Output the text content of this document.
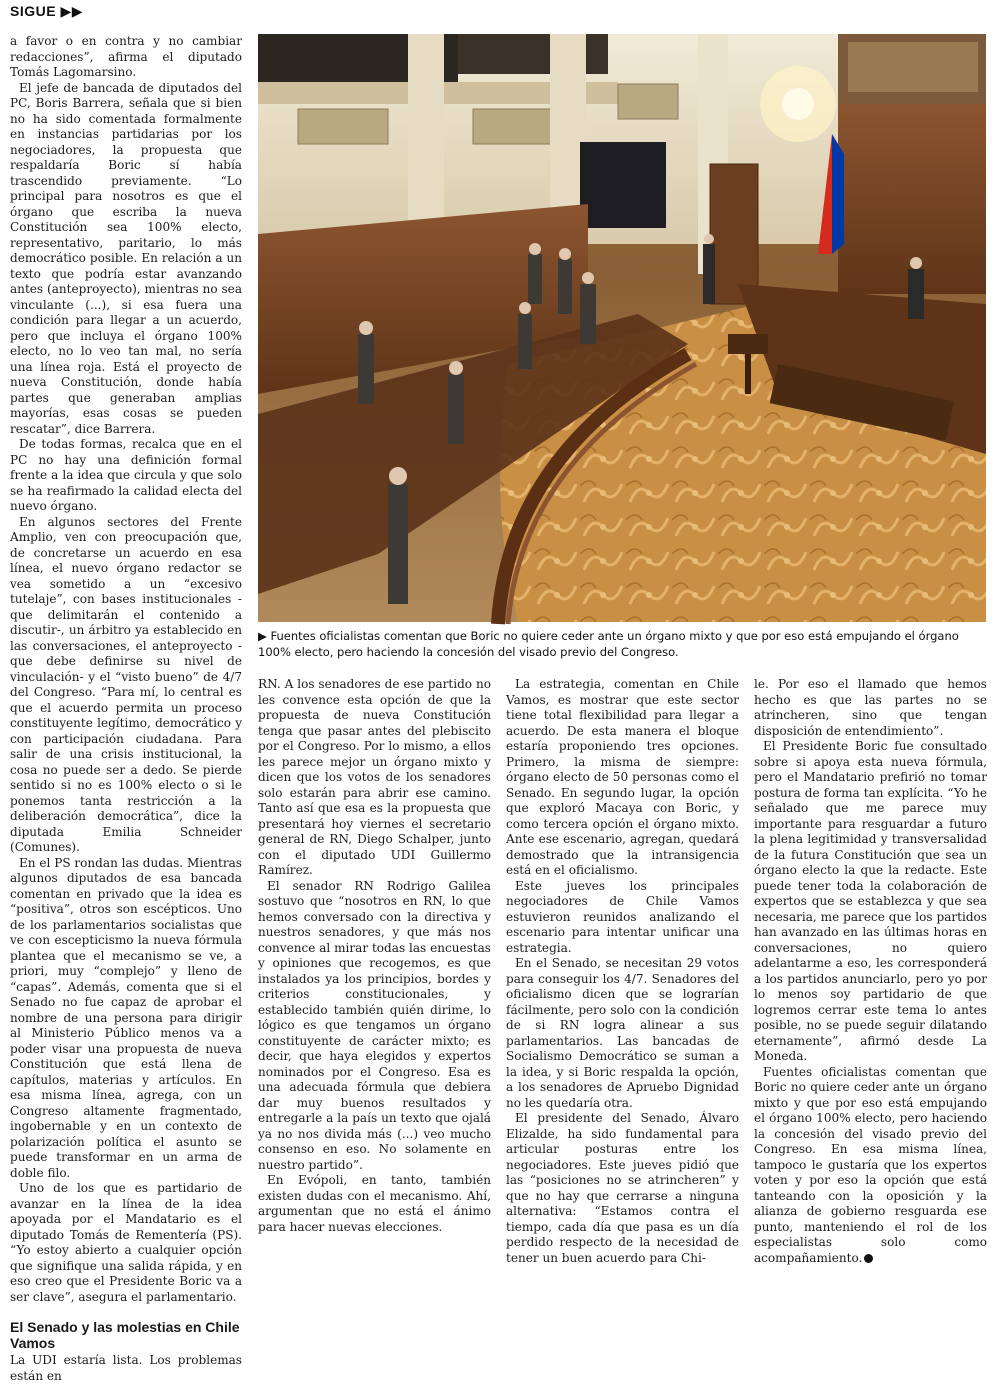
SIGUE ▶▶

a favor o en contra y no cambiar redacciones”, afirma el diputado Tomás Lagomarsino.

El jefe de bancada de diputados del PC, Boris Barrera, señala que si bien no ha sido comentada formalmente en instancias partidarias por los negociadores, la propuesta que respaldaría Boric sí había trascendido previamente. “Lo principal para nosotros es que el órgano que escriba la nueva Constitución sea 100% electo, representativo, paritario, lo más democrático posible. En relación a un texto que podría estar avanzando antes (anteproyecto), mientras no sea vinculante (...), si esa fuera una condición para llegar a un acuerdo, pero que incluya el órgano 100% electo, no lo veo tan mal, no sería una línea roja. Está el proyecto de nueva Constitución, donde había partes que generaban amplias mayorías, esas cosas se pueden rescatar”, dice Barrera.

De todas formas, recalca que en el PC no hay una definición formal frente a la idea que circula y que solo se ha reafirmado la calidad electa del nuevo órgano.

En algunos sectores del Frente Amplio, ven con preocupación que, de concretarse un acuerdo en esa línea, el nuevo órgano redactor se vea sometido a un “excesivo tutelaje”, con bases institucionales -que delimitarán el contenido a discutir-, un árbitro ya establecido en las conversaciones, el anteproyecto -que debe definirse su nivel de vinculación- y el “visto bueno” de 4/7 del Congreso. “Para mí, lo central es que el acuerdo permita un proceso constituyente legítimo, democrático y con participación ciudadana. Para salir de una crisis institucional, la cosa no puede ser a dedo. Se pierde sentido si no es 100% electo o si le ponemos tanta restricción a la deliberación democrática”, dice la diputada Emilia Schneider (Comunes).

En el PS rondan las dudas. Mientras algunos diputados de esa bancada comentan en privado que la idea es “positiva”, otros son escépticos. Uno de los parlamentarios socialistas que ve con escepticismo la nueva fórmula plantea que el mecanismo se ve, a priori, muy “complejo” y lleno de “capas”. Además, comenta que si el Senado no fue capaz de aprobar el nombre de una persona para dirigir al Ministerio Público menos va a poder visar una propuesta de nueva Constitución que está llena de capítulos, materias y artículos. En esa misma línea, agrega, con un Congreso altamente fragmentado, ingobernable y en un contexto de polarización política el asunto se puede transformar en un arma de doble filo.

Uno de los que es partidario de avanzar en la línea de la idea apoyada por el Mandatario es el diputado Tomás de Rementería (PS). “Yo estoy abierto a cualquier opción que signifique una salida rápida, y en eso creo que el Presidente Boric va a ser clave”, asegura el parlamentario.

El Senado y las molestias en Chile Vamos

La UDI estaría lista. Los problemas están en

▶ Fuentes oficialistas comentan que Boric no quiere ceder ante un órgano mixto y que por eso está empujando el órgano 100% electo, pero haciendo la concesión del visado previo del Congreso.

RN. A los senadores de ese partido no les convence esta opción de que la propuesta de nueva Constitución tenga que pasar antes del plebiscito por el Congreso. Por lo mismo, a ellos les parece mejor un órgano mixto y dicen que los votos de los senadores solo estarán para abrir ese camino. Tanto así que esa es la propuesta que presentará hoy viernes el secretario general de RN, Diego Schalper, junto con el diputado UDI Guillermo Ramírez.

El senador RN Rodrigo Galilea sostuvo que “nosotros en RN, lo que hemos conversado con la directiva y nuestros senadores, y que más nos convence al mirar todas las encuestas y opiniones que recogemos, es que instalados ya los principios, bordes y criterios constitucionales, y establecido también quién dirime, lo lógico es que tengamos un órgano constituyente de carácter mixto; es decir, que haya elegidos y expertos nominados por el Congreso. Esa es una adecuada fórmula que debiera dar muy buenos resultados y entregarle a la país un texto que ojalá ya no nos divida más (...) veo mucho consenso en eso. No solamente en nuestro partido”.

En Evópoli, en tanto, también existen dudas con el mecanismo. Ahí, argumentan que no está el ánimo para hacer nuevas elecciones.

La estrategia, comentan en Chile Vamos, es mostrar que este sector tiene total flexibilidad para llegar a acuerdo. De esta manera el bloque estaría proponiendo tres opciones. Primero, la misma de siempre: órgano electo de 50 personas como el Senado. En segundo lugar, la opción que exploró Macaya con Boric, y como tercera opción el órgano mixto. Ante ese escenario, agregan, quedará demostrado que la intransigencia está en el oficialismo.

Este jueves los principales negociadores de Chile Vamos estuvieron reunidos analizando el escenario para intentar unificar una estrategia.

En el Senado, se necesitan 29 votos para conseguir los 4/7. Senadores del oficialismo dicen que se lograrían fácilmente, pero solo con la condición de si RN logra alinear a sus parlamentarios. Las bancadas de Socialismo Democrático se suman a la idea, y si Boric respalda la opción, a los senadores de Apruebo Dignidad no les quedaría otra.

El presidente del Senado, Álvaro Elizalde, ha sido fundamental para articular posturas entre los negociadores. Este jueves pidió que las “posiciones no se atrincheren” y que no hay que cerrarse a ninguna alternativa: “Estamos contra el tiempo, cada día que pasa es un día perdido respecto de la necesidad de tener un buen acuerdo para Chi-

le. Por eso el llamado que hemos hecho es que las partes no se atrincheren, sino que tengan disposición de entendimiento”.

El Presidente Boric fue consultado sobre si apoya esta nueva fórmula, pero el Mandatario prefirió no tomar postura de forma tan explícita. “Yo he señalado que me parece muy importante para resguardar a futuro la plena legitimidad y transversalidad de la futura Constitución que sea un órgano electo la que la redacte. Este puede tener toda la colaboración de expertos que se establezca y que sea necesaria, me parece que los partidos han avanzado en las últimas horas en conversaciones, no quiero adelantarme a eso, les corresponderá a los partidos anunciarlo, pero yo por lo menos soy partidario de que logremos cerrar este tema lo antes posible, no se puede seguir dilatando eternamente”, afirmó desde La Moneda.

Fuentes oficialistas comentan que Boric no quiere ceder ante un órgano mixto y que por eso está empujando el órgano 100% electo, pero haciendo la concesión del visado previo del Congreso. En esa misma línea, tampoco le gustaría que los expertos voten y por eso la opción que está tanteando con la oposición y la alianza de gobierno resguarda ese punto, manteniendo el rol de los especialistas solo como acompañamiento.
